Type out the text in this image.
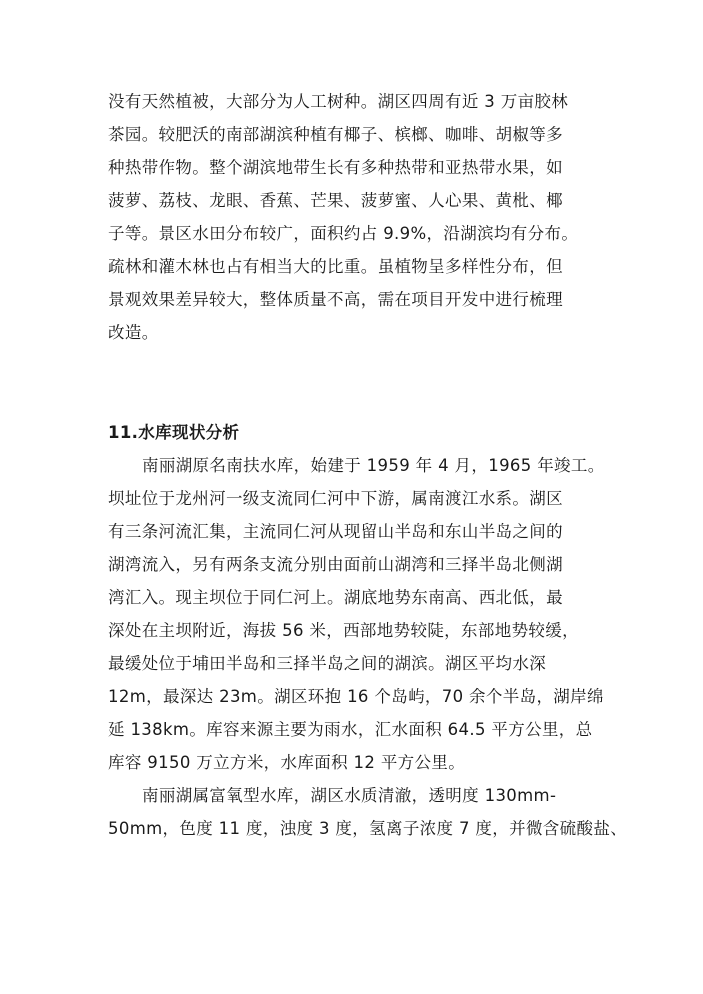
没有天然植被，大部分为人工树种。湖区四周有近 3 万亩胶林
茶园。较肥沃的南部湖滨种植有椰子、槟榔、咖啡、胡椒等多
种热带作物。整个湖滨地带生长有多种热带和亚热带水果，如
菠萝、荔枝、龙眼、香蕉、芒果、菠萝蜜、人心果、黄枇、椰
子等。景区水田分布较广，面积约占 9.9%，沿湖滨均有分布。
疏林和灌木林也占有相当大的比重。虽植物呈多样性分布，但
景观效果差异较大，整体质量不高，需在项目开发中进行梳理
改造。
11.水库现状分析
南丽湖原名南扶水库，始建于 1959 年 4 月，1965 年竣工。
坝址位于龙州河一级支流同仁河中下游，属南渡江水系。湖区
有三条河流汇集，主流同仁河从现留山半岛和东山半岛之间的
湖湾流入，另有两条支流分别由面前山湖湾和三择半岛北侧湖
湾汇入。现主坝位于同仁河上。湖底地势东南高、西北低，最
深处在主坝附近，海拔 56 米，西部地势较陡，东部地势较缓，
最缓处位于埔田半岛和三择半岛之间的湖滨。湖区平均水深
12m，最深达 23m。湖区环抱 16 个岛屿，70 余个半岛，湖岸绵
延 138km。库容来源主要为雨水，汇水面积 64.5 平方公里，总
库容 9150 万立方米，水库面积 12 平方公里。
南丽湖属富氧型水库，湖区水质清澈，透明度 130mm-
50mm，色度 11 度，浊度 3 度，氢离子浓度 7 度，并微含硫酸盐、
